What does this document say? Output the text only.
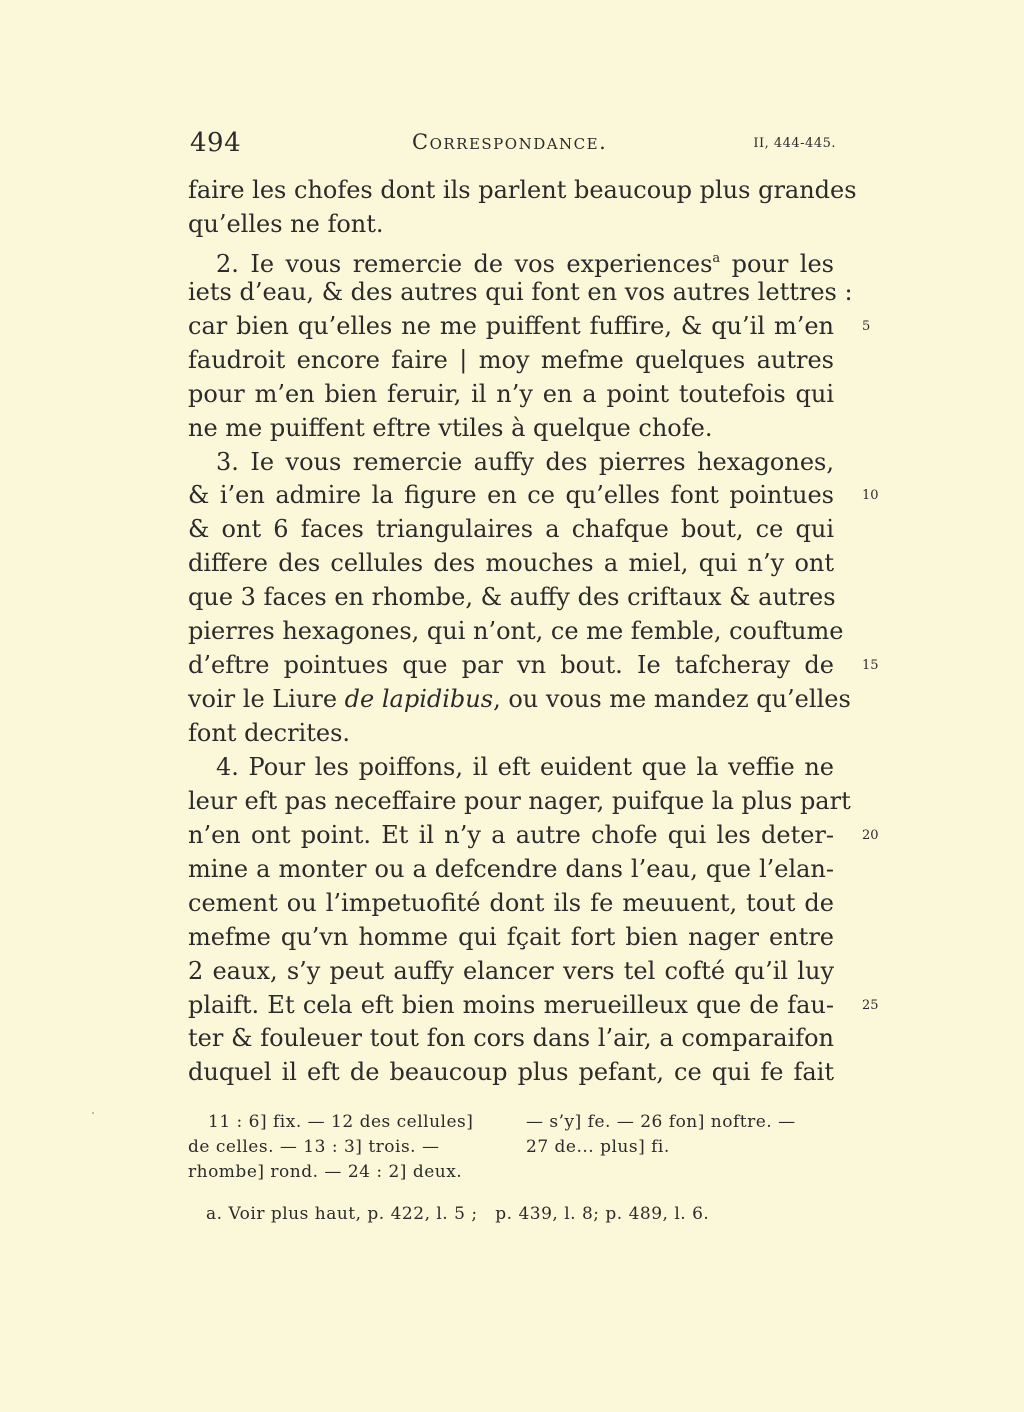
494	Correspondance.	II, 444-445.
faire les chofes dont ils parlent beaucoup plus grandes
qu’elles ne font.
2. Ie vous remercie de vos experiences$^a$ pour les
iets d’eau, & des autres qui font en vos autres lettres :
car bien qu’elles ne me puiffent fuffire, & qu’il m’en 5
faudroit encore faire | moy mefme quelques autres
pour m’en bien feruir, il n’y en a point toutefois qui
ne me puiffent eftre vtiles à quelque chofe.
3. Ie vous remercie auffy des pierres hexagones,
& i’en admire la figure en ce qu’elles font pointues 10
& ont 6 faces triangulaires a chafque bout, ce qui
differe des cellules des mouches a miel, qui n’y ont
que 3 faces en rhombe, & auffy des criftaux & autres
pierres hexagones, qui n’ont, ce me femble, couftume
d’eftre pointues que par vn bout. Ie tafcheray de 15
voir le Liure de lapidibus, ou vous me mandez qu’elles
font decrites.
4. Pour les poiffons, il eft euident que la veffie ne
leur eft pas neceffaire pour nager, puifque la plus part
n’en ont point. Et il n’y a autre chofe qui les deter- 20
mine a monter ou a defcendre dans l’eau, que l’elan-
cement ou l’impetuofité dont ils fe meuuent, tout de
mefme qu’vn homme qui fçait fort bien nager entre
2 eaux, s’y peut auffy elancer vers tel cofté qu’il luy
plaift. Et cela eft bien moins merueilleux que de fau- 25
ter & fouleuer tout fon cors dans l’air, a comparaifon
duquel il eft de beaucoup plus pefant, ce qui fe fait
11 : 6] fix. — 12 des cellules]
de celles. — 13 : 3] trois. —
rhombe] rond. — 24 : 2] deux.
— s’y] fe. — 26 fon] noftre. —
27 de... plus] fi.
a. Voir plus haut, p. 422, l. 5 ;   p. 439, l. 8; p. 489, l. 6.
